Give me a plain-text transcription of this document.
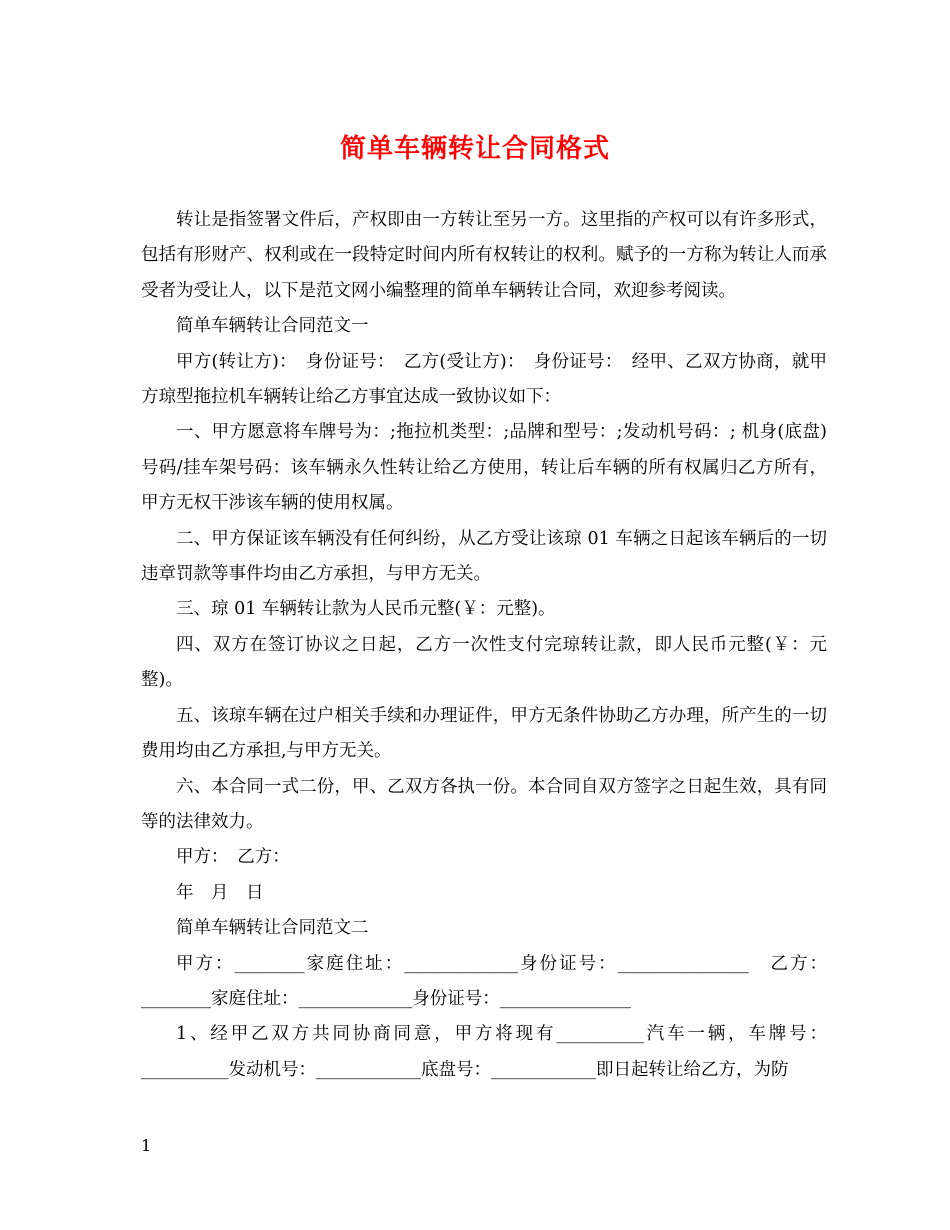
简单车辆转让合同格式

转让是指签署文件后，产权即由一方转让至另一方。这里指的产权可以有许多形式，包括有形财产、权利或在一段特定时间内所有权转让的权利。赋予的一方称为转让人而承受者为受让人，以下是范文网小编整理的简单车辆转让合同，欢迎参考阅读。

简单车辆转让合同范文一

甲方(转让方)：　身份证号：　乙方(受让方)：　身份证号：　经甲、乙双方协商，就甲方琼型拖拉机车辆转让给乙方事宜达成一致协议如下：

一、甲方愿意将车牌号为：;拖拉机类型：;品牌和型号：;发动机号码：; 机身(底盘)号码/挂车架号码：该车辆永久性转让给乙方使用，转让后车辆的所有权属归乙方所有，甲方无权干涉该车辆的使用权属。

二、甲方保证该车辆没有任何纠纷，从乙方受让该琼 01 车辆之日起该车辆后的一切违章罚款等事件均由乙方承担，与甲方无关。

三、琼 01 车辆转让款为人民币元整(￥：元整)。

四、双方在签订协议之日起，乙方一次性支付完琼转让款，即人民币元整(￥：元整)。

五、该琼车辆在过户相关手续和办理证件，甲方无条件协助乙方办理，所产生的一切费用均由乙方承担,与甲方无关。

六、本合同一式二份，甲、乙双方各执一份。本合同自双方签字之日起生效，具有同等的法律效力。

甲方：　乙方：

年　月　日

简单车辆转让合同范文二

甲方：________家庭住址：_____________身份证号：_______________　乙方：________家庭住址：_____________身份证号：_______________

1、经甲乙双方共同协商同意，甲方将现有__________汽车一辆，车牌号：__________发动机号：____________底盘号：____________即日起转让给乙方，为防

1
